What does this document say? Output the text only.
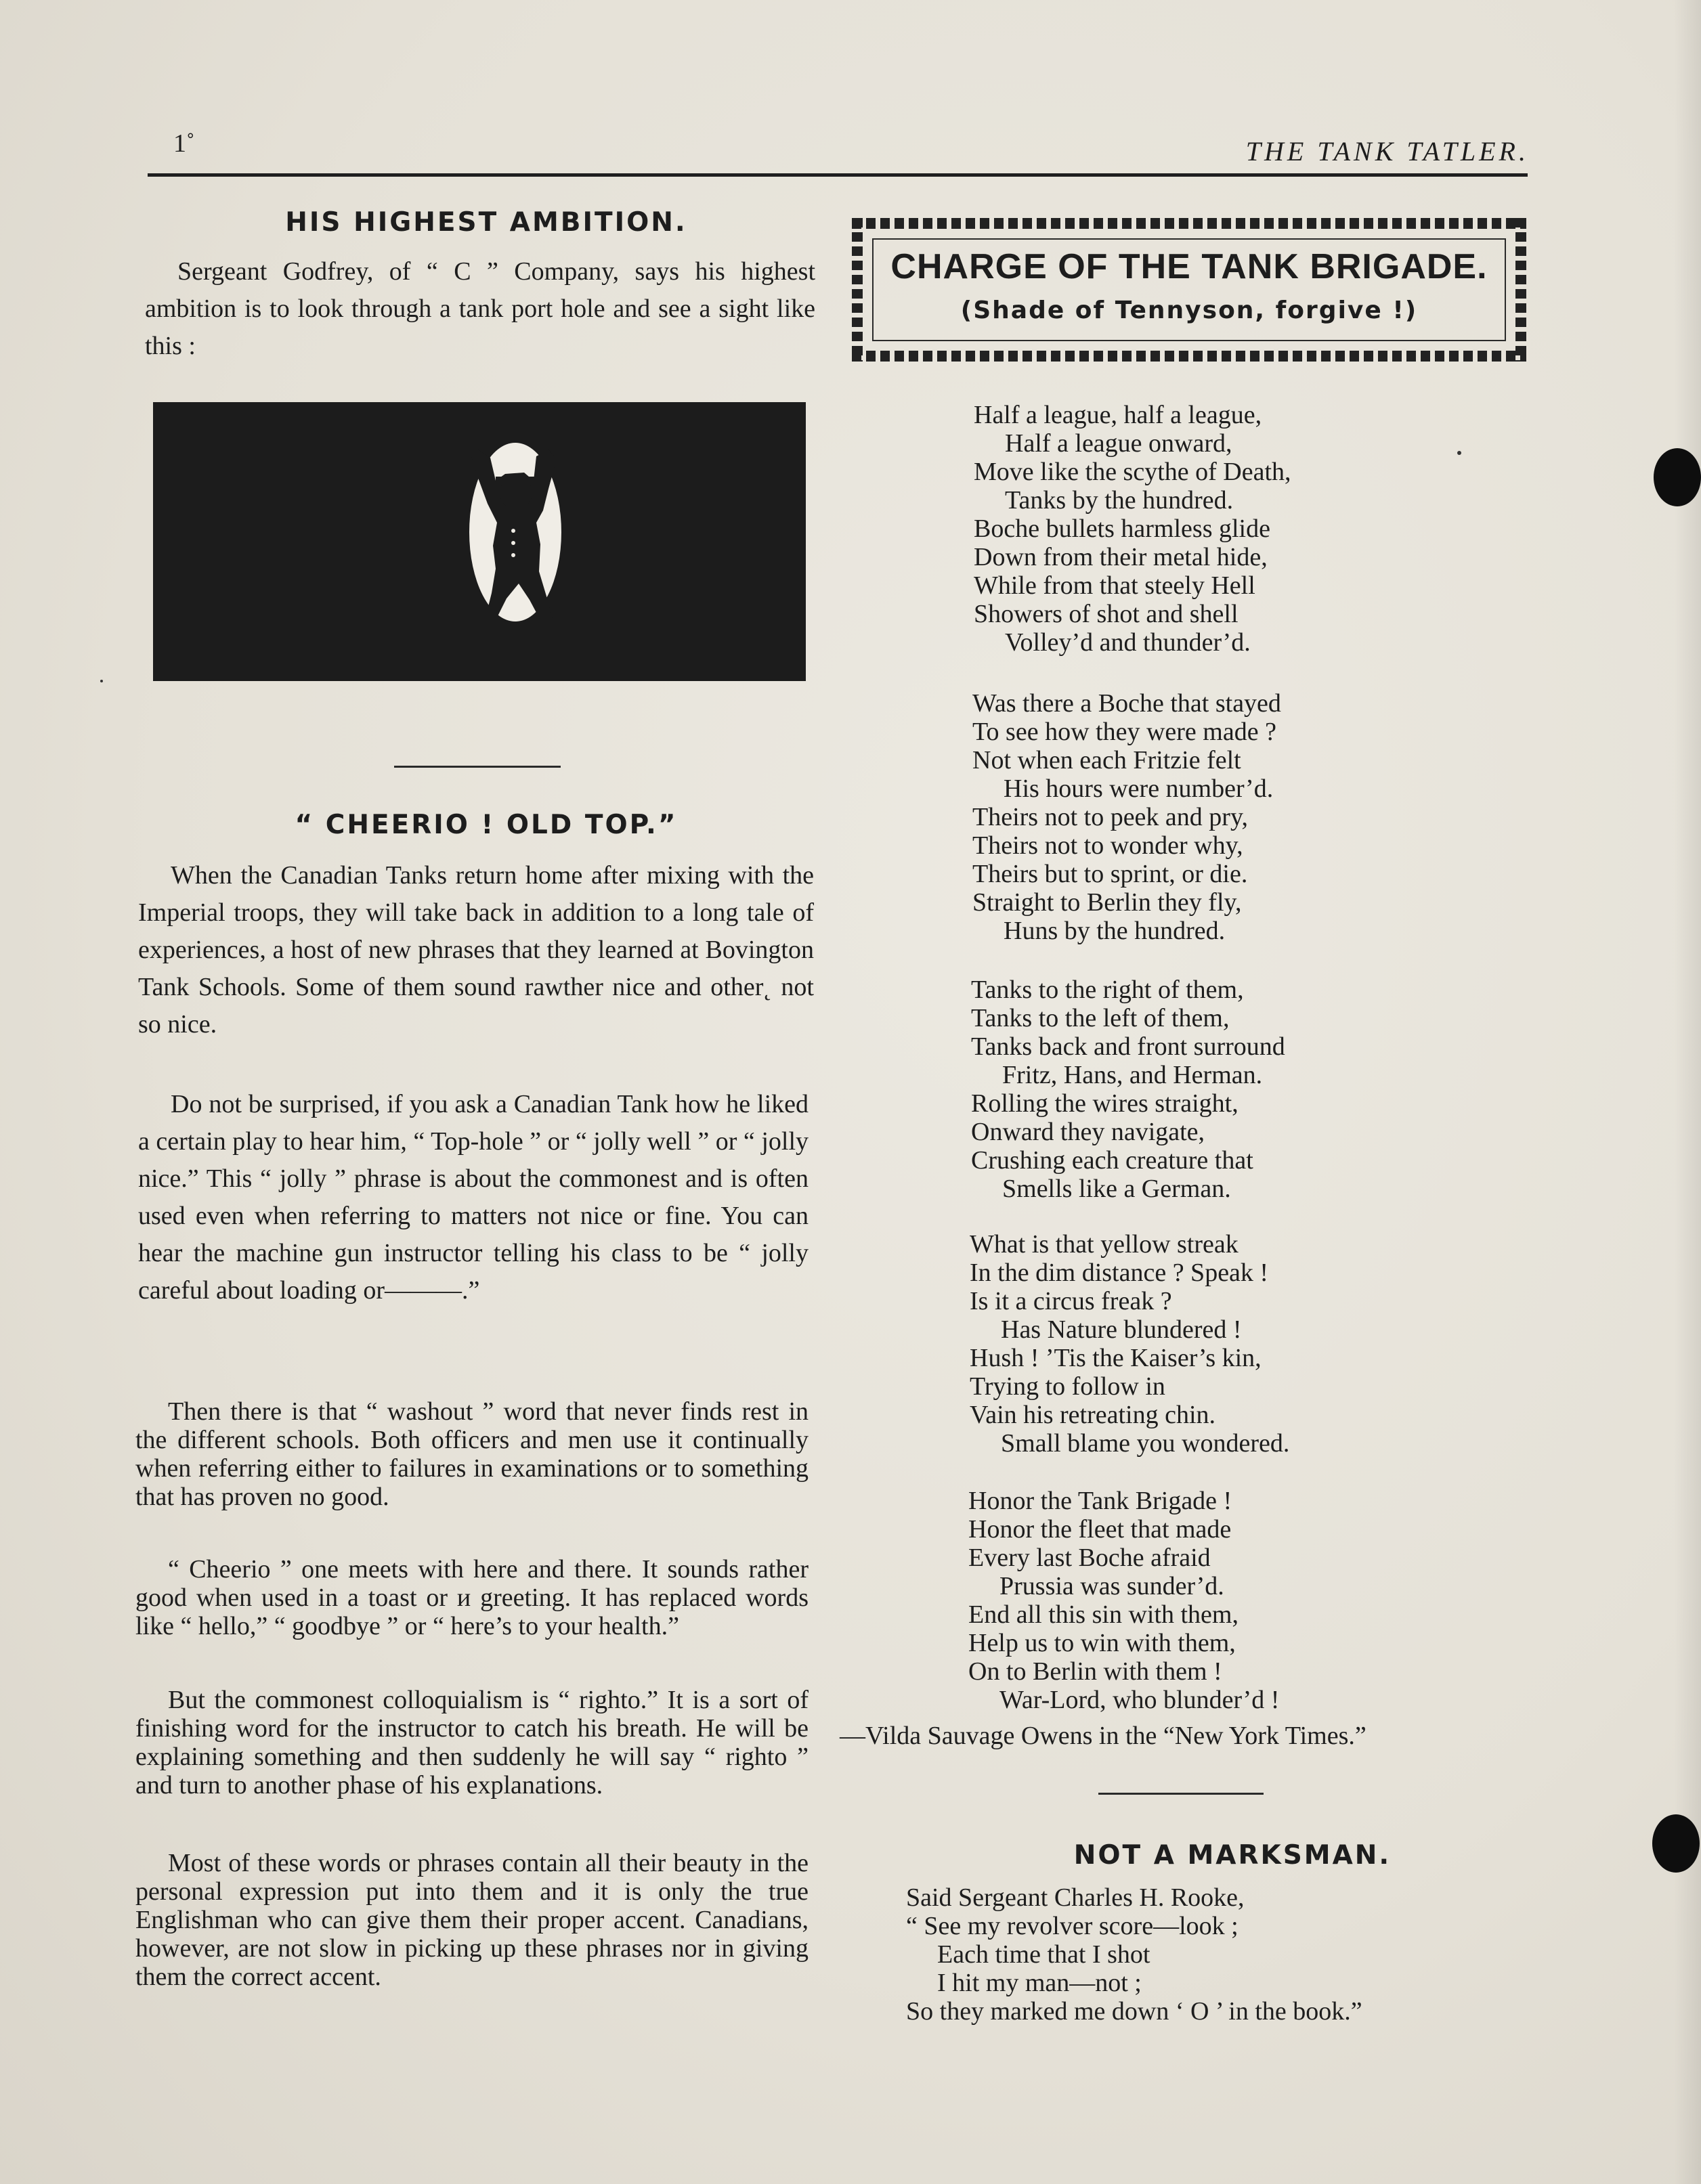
1˚	THE TANK TATLER.
HIS HIGHEST AMBITION.

Sergeant Godfrey, of “ C ” Company, says his highest ambition is to look through a tank port hole and see a sight like this :

“ CHEERIO ! OLD TOP.”

When the Canadian Tanks return home after mixing with the Imperial troops, they will take back in addition to a long tale of experiences, a host of new phrases that they learned at Bovington Tank Schools. Some of them sound rawther nice and other˛ not so nice.

Do not be surprised, if you ask a Canadian Tank how he liked a certain play to hear him, “ Top-hole ” or “ jolly well ” or “ jolly nice.” This “ jolly ” phrase is about the commonest and is often used even when referring to matters not nice or fine. You can hear the machine gun instructor telling his class to be “ jolly careful about loading or———.”

Then there is that “ washout ” word that never finds rest in the different schools. Both officers and men use it continually when referring either to failures in examinations or to something that has proven no good.

“ Cheerio ” one meets with here and there. It sounds rather good when used in a toast or и greeting. It has replaced words like “ hello,” “ goodbye ” or “ here’s to your health.”

But the commonest colloquialism is “ righto.” It is a sort of finishing word for the instructor to catch his breath. He will be explaining something and then suddenly he will say “ righto ” and turn to another phase of his explanations.

Most of these words or phrases contain all their beauty in the personal expression put into them and it is only the true Englishman who can give them their proper accent. Canadians, however, are not slow in picking up these phrases nor in giving them the correct accent.

CHARGE OF THE TANK BRIGADE.
(Shade of Tennyson, forgive !)
Half a league, half a league,
Half a league onward,
Move like the scythe of Death,
Tanks by the hundred.
Boche bullets harmless glide
Down from their metal hide,
While from that steely Hell
Showers of shot and shell
Volley’d and thunder’d.
Was there a Boche that stayed
To see how they were made ?
Not when each Fritzie felt
His hours were number’d.
Theirs not to peek and pry,
Theirs not to wonder why,
Theirs but to sprint, or die.
Straight to Berlin they fly,
Huns by the hundred.
Tanks to the right of them,
Tanks to the left of them,
Tanks back and front surround
Fritz, Hans, and Herman.
Rolling the wires straight,
Onward they navigate,
Crushing each creature that
Smells like a German.
What is that yellow streak
In the dim distance ? Speak !
Is it a circus freak ?
Has Nature blundered !
Hush ! ’Tis the Kaiser’s kin,
Trying to follow in
Vain his retreating chin.
Small blame you wondered.
Honor the Tank Brigade !
Honor the fleet that made
Every last Boche afraid
Prussia was sunder’d.
End all this sin with them,
Help us to win with them,
On to Berlin with them !
War-Lord, who blunder’d !
—Vilda Sauvage Owens in the “New York Times.”
NOT A MARKSMAN.
Said Sergeant Charles H. Rooke,
“ See my revolver score—look ;
Each time that I shot
I hit my man—not ;
So they marked me down ‘ O ’ in the book.”
